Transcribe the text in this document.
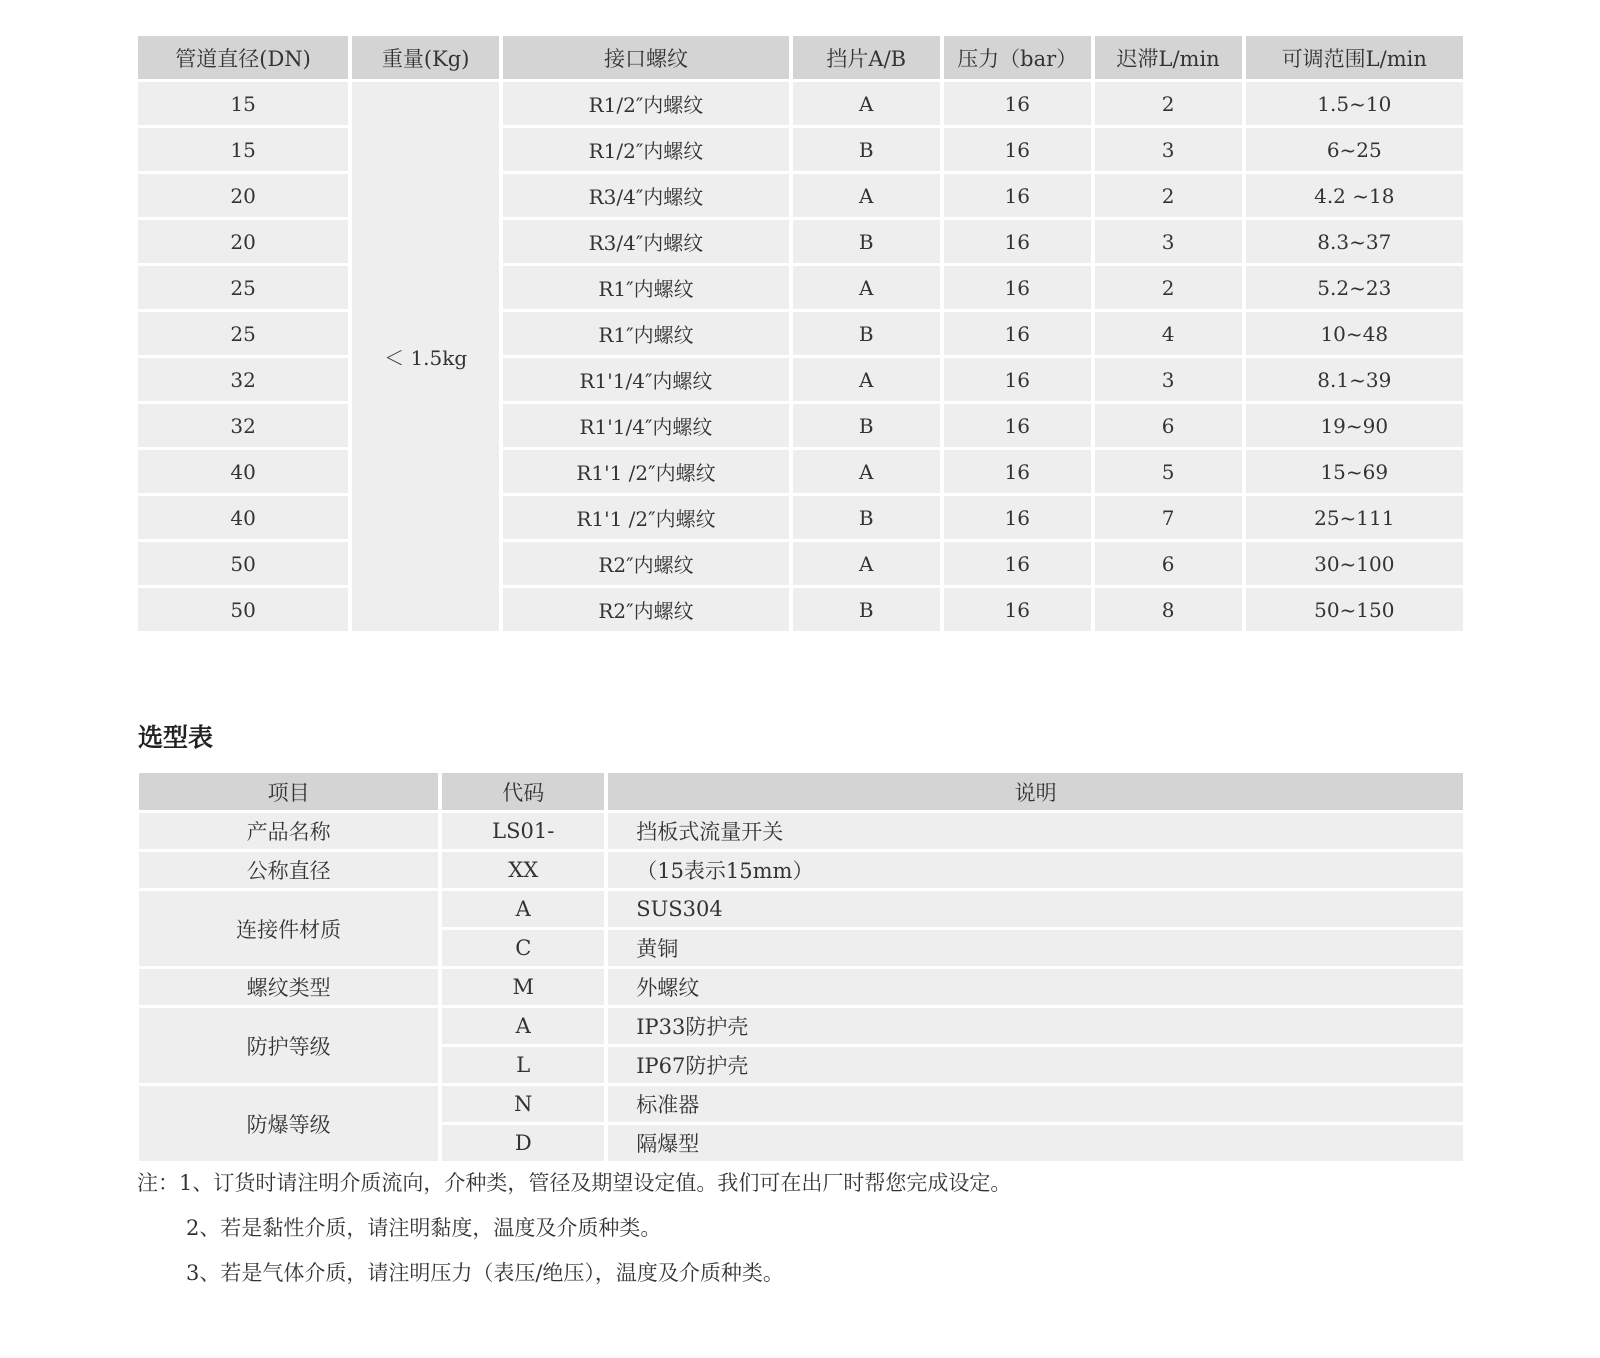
管道直径(DN)	重量(Kg)	接口螺纹	挡片A/B	压力（bar）	迟滞L/min	可调范围L/min
15	＜ 1.5kg	R1/2″内螺纹	A	16	2	1.5~10
15		R1/2″内螺纹	B	16	3	6~25
20		R3/4″内螺纹	A	16	2	4.2 ~18
20		R3/4″内螺纹	B	16	3	8.3~37
25		R1″内螺纹	A	16	2	5.2~23
25		R1″内螺纹	B	16	4	10~48
32		R1'1/4″内螺纹	A	16	3	8.1~39
32		R1'1/4″内螺纹	B	16	6	19~90
40		R1'1 /2″内螺纹	A	16	5	15~69
40		R1'1 /2″内螺纹	B	16	7	25~111
50		R2″内螺纹	A	16	6	30~100
50		R2″内螺纹	B	16	8	50~150
选型表
项目	代码	说明
产品名称	LS01-	挡板式流量开关
公称直径	XX	（15表示15mm）
连接件材质	A	SUS304
	C	黄铜
螺纹类型	M	外螺纹
防护等级	A	IP33防护壳
	L	IP67防护壳
防爆等级	N	标准器
	D	隔爆型

注：1、订货时请注明介质流向，介种类，管径及期望设定值。我们可在出厂时帮您完成设定。

2、若是黏性介质，请注明黏度，温度及介质种类。

3、若是气体介质，请注明压力（表压/绝压），温度及介质种类。
